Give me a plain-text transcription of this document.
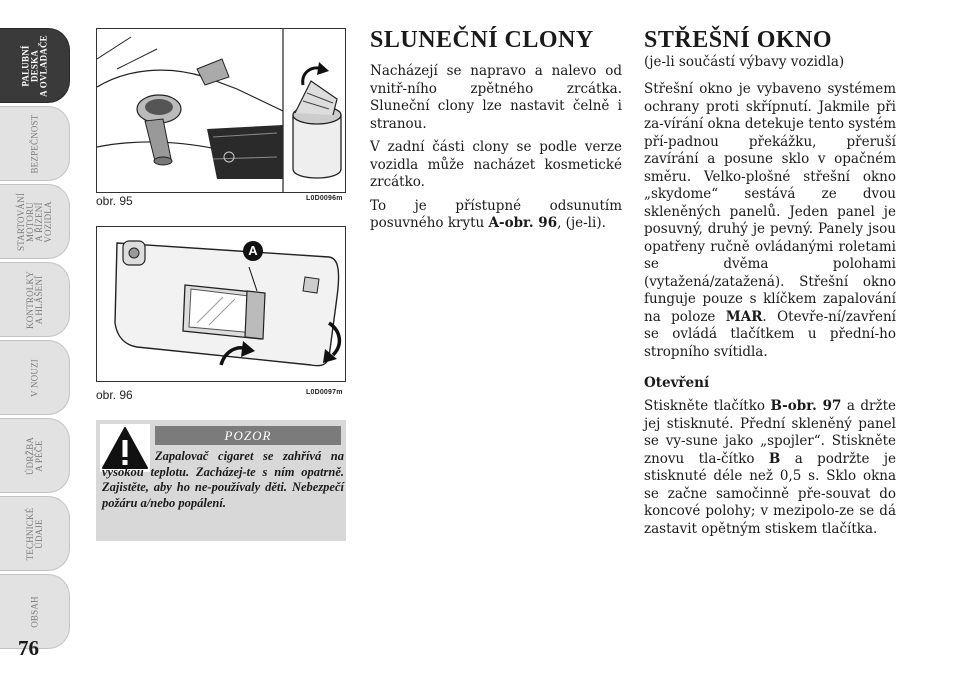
PALUBNÍ
DESKA
A OVLADAČE
BEZPEČNOST
STARTOVÁNÍ
MOTORU
A ŘÍZENÍ
VOZIDLA
KONTROLKY
A HLÁŠENÍ
V NOUZI
ÚDRŽBA
A PÉČE
TECHNICKÉ
ÚDAJE
OBSAH
76
obr. 95	L0D0096m
A
obr. 96	L0D0097m
POZOR
Zapalovač cigaret se zahřívá na vysokou teplotu. Zacházej-te s ním opatrně. Zajistěte, aby ho ne-používaly děti. Nebezpečí požáru a/nebo popálení.
SLUNEČNÍ CLONY

Nacházejí se napravo a nalevo od vnitř-ního zpětného zrcátka. Sluneční clony lze nastavit čelně i stranou.

V zadní části clony se podle verze vozidla může nacházet kosmetické zrcátko.

To je přístupné odsunutím posuvného krytu A-obr. 96, (je-li).

STŘEŠNÍ OKNO
(je-li součástí výbavy vozidla)

Střešní okno je vybaveno systémem ochrany proti skřípnutí. Jakmile při za-vírání okna detekuje tento systém pří-padnou překážku, přeruší zavírání a posune sklo v opačném směru. Velko-plošné střešní okno „skydome“ sestává ze dvou skleněných panelů. Jeden panel je posuvný, druhý je pevný. Panely jsou opatřeny ručně ovládanými roletami se dvěma polohami (vytažená/zatažená). Střešní okno funguje pouze s klíčkem zapalování na poloze MAR. Otevře-ní/zavření se ovládá tlačítkem u přední-ho stropního svítidla.

Otevření

Stiskněte tlačítko B-obr. 97 a držte jej stisknuté. Přední skleněný panel se vy-sune jako „spojler“. Stiskněte znovu tla-čítko B a podržte je stisknuté déle než 0,5 s. Sklo okna se začne samočinně pře-souvat do koncové polohy; v mezipolo-ze se dá zastavit opětným stiskem tlačítka.
